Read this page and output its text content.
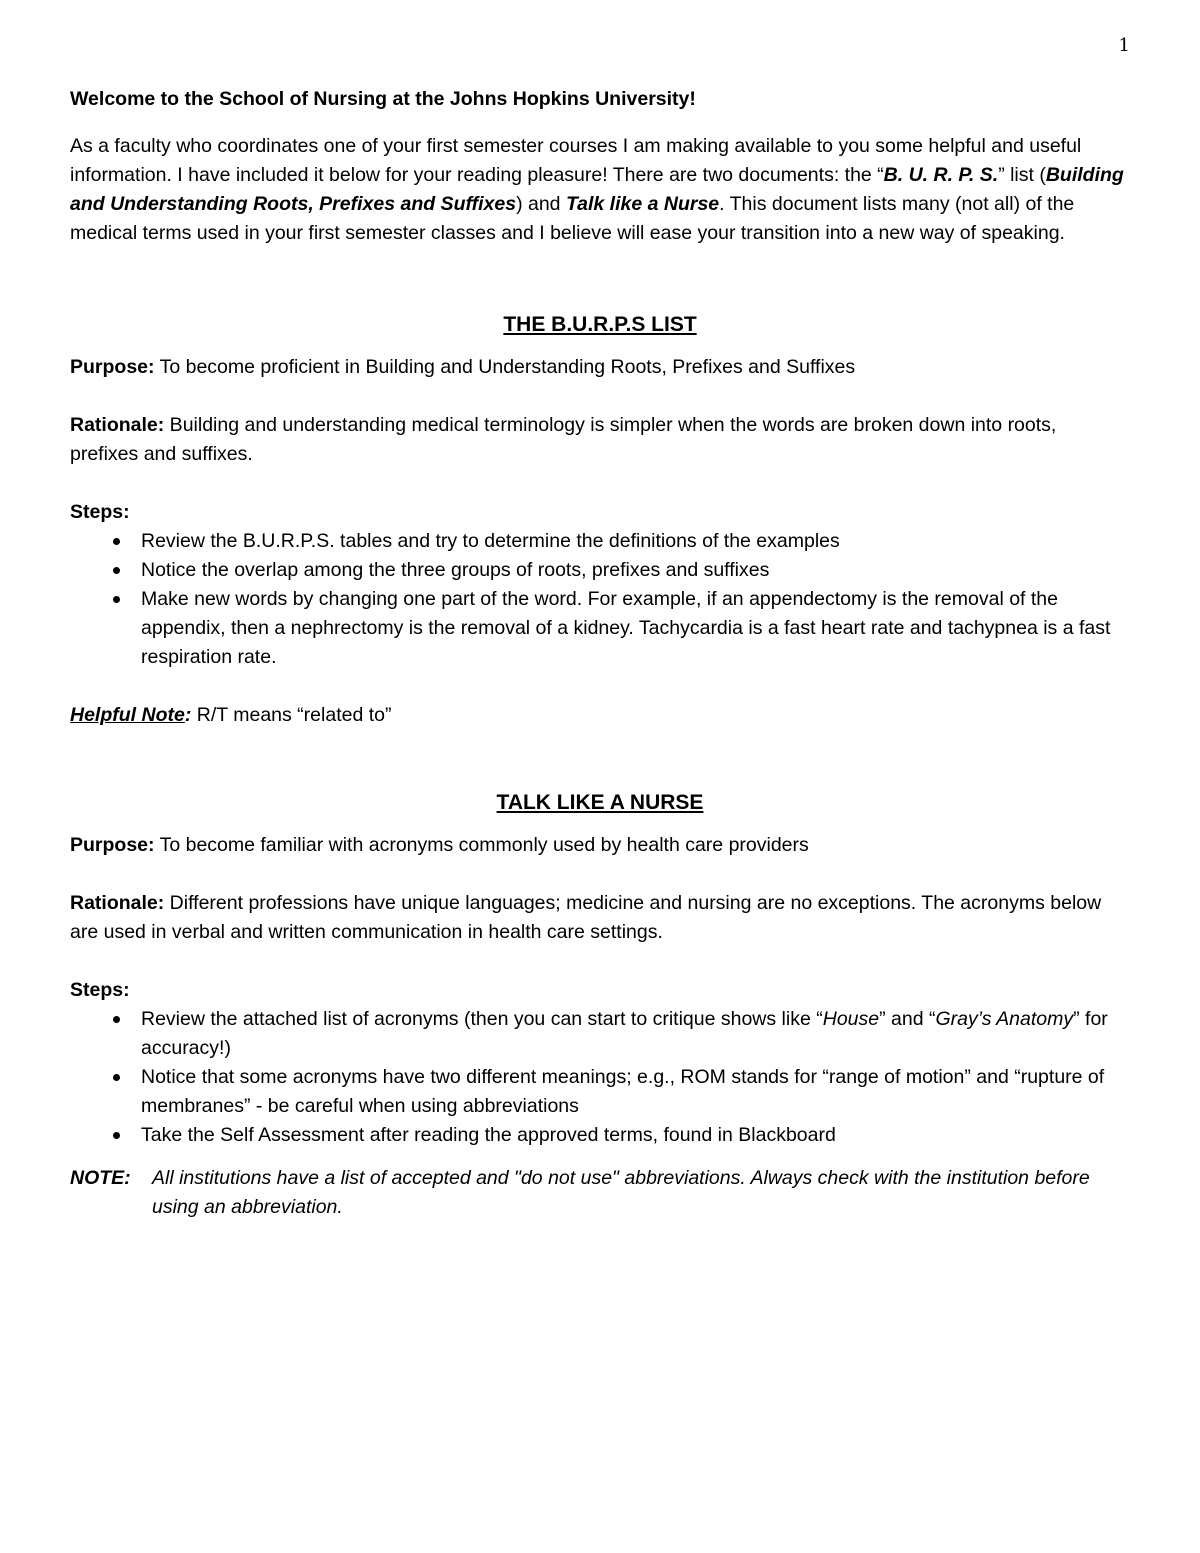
1

Welcome to the School of Nursing at the Johns Hopkins University!

As a faculty who coordinates one of your first semester courses I am making available to you some helpful and useful information. I have included it below for your reading pleasure! There are two documents: the “B. U. R. P. S.” list (Building and Understanding Roots, Prefixes and Suffixes) and Talk like a Nurse. This document lists many (not all) of the medical terms used in your first semester classes and I believe will ease your transition into a new way of speaking.

THE B.U.R.P.S LIST

Purpose: To become proficient in Building and Understanding Roots, Prefixes and Suffixes

Rationale: Building and understanding medical terminology is simpler when the words are broken down into roots, prefixes and suffixes.

Steps:

Review the B.U.R.P.S. tables and try to determine the definitions of the examples
Notice the overlap among the three groups of roots, prefixes and suffixes
Make new words by changing one part of the word. For example, if an appendectomy is the removal of the appendix, then a nephrectomy is the removal of a kidney. Tachycardia is a fast heart rate and tachypnea is a fast respiration rate.

Helpful Note: R/T means “related to”

TALK LIKE A NURSE

Purpose: To become familiar with acronyms commonly used by health care providers

Rationale: Different professions have unique languages; medicine and nursing are no exceptions. The acronyms below are used in verbal and written communication in health care settings.

Steps:

Review the attached list of acronyms (then you can start to critique shows like “House” and “Gray’s Anatomy” for accuracy!)
Notice that some acronyms have two different meanings; e.g., ROM stands for “range of motion” and “rupture of membranes” - be careful when using abbreviations
Take the Self Assessment after reading the approved terms, found in Blackboard

NOTE: All institutions have a list of accepted and "do not use" abbreviations. Always check with the institution before using an abbreviation.
